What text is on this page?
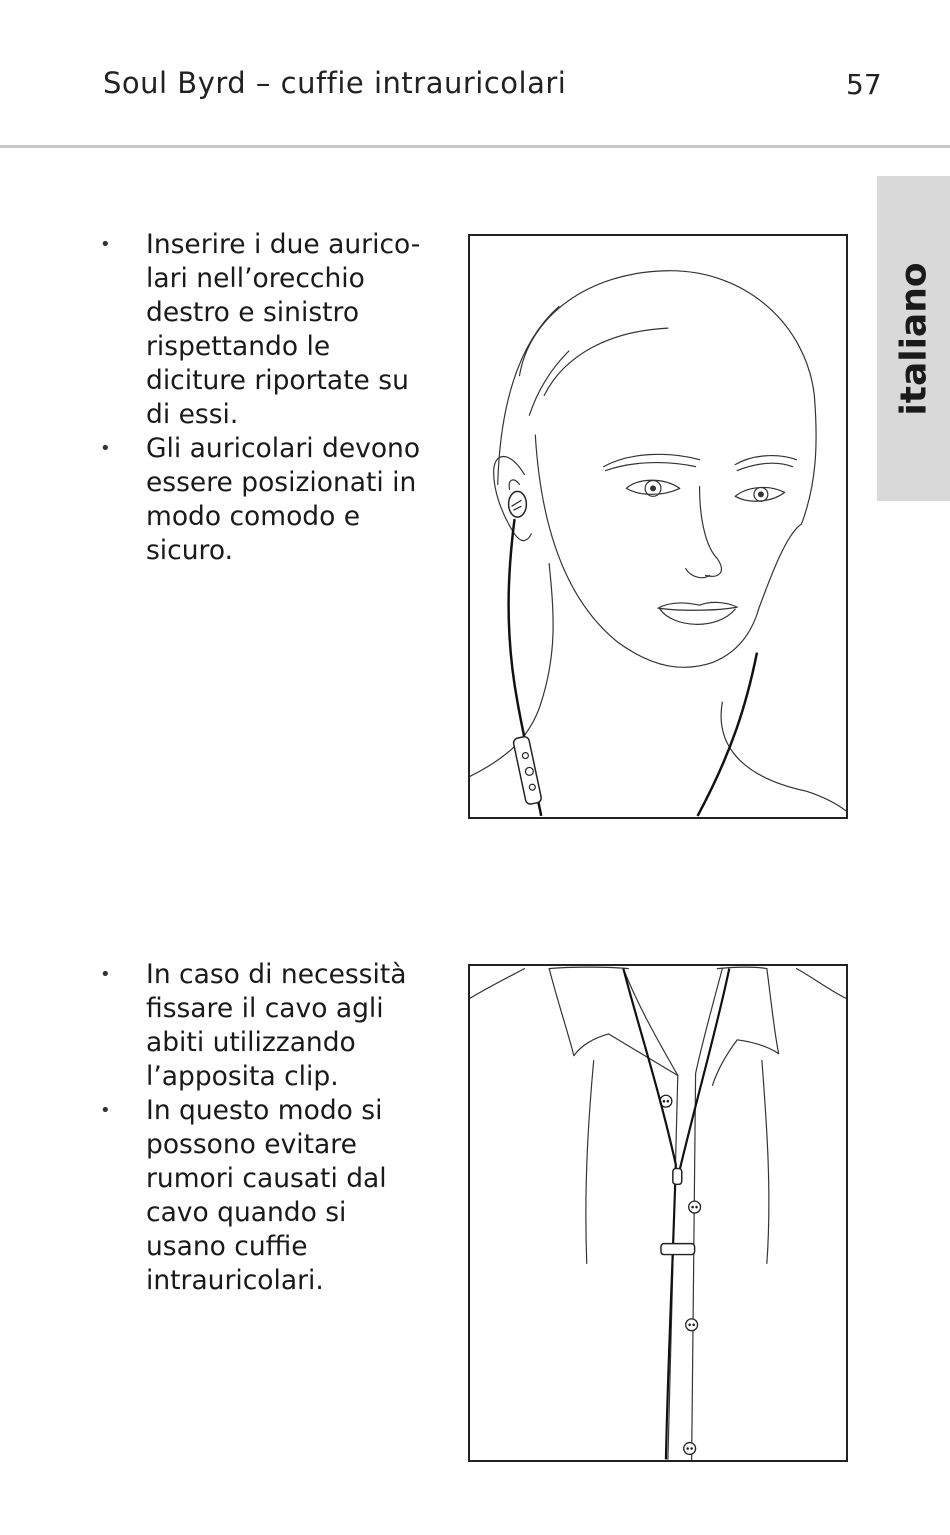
Soul Byrd – cuffie intrauricolari	57
italiano
• Inserire i due aurico-
lari nell’orecchio
destro e sinistro
rispettando le
diciture riportate su
di essi.
• Gli auricolari devono
essere posizionati in
modo comodo e
sicuro.
• In caso di necessità
fissare il cavo agli
abiti utilizzando
l’apposita clip.
• In questo modo si
possono evitare
rumori causati dal
cavo quando si
usano cuffie
intrauricolari.
